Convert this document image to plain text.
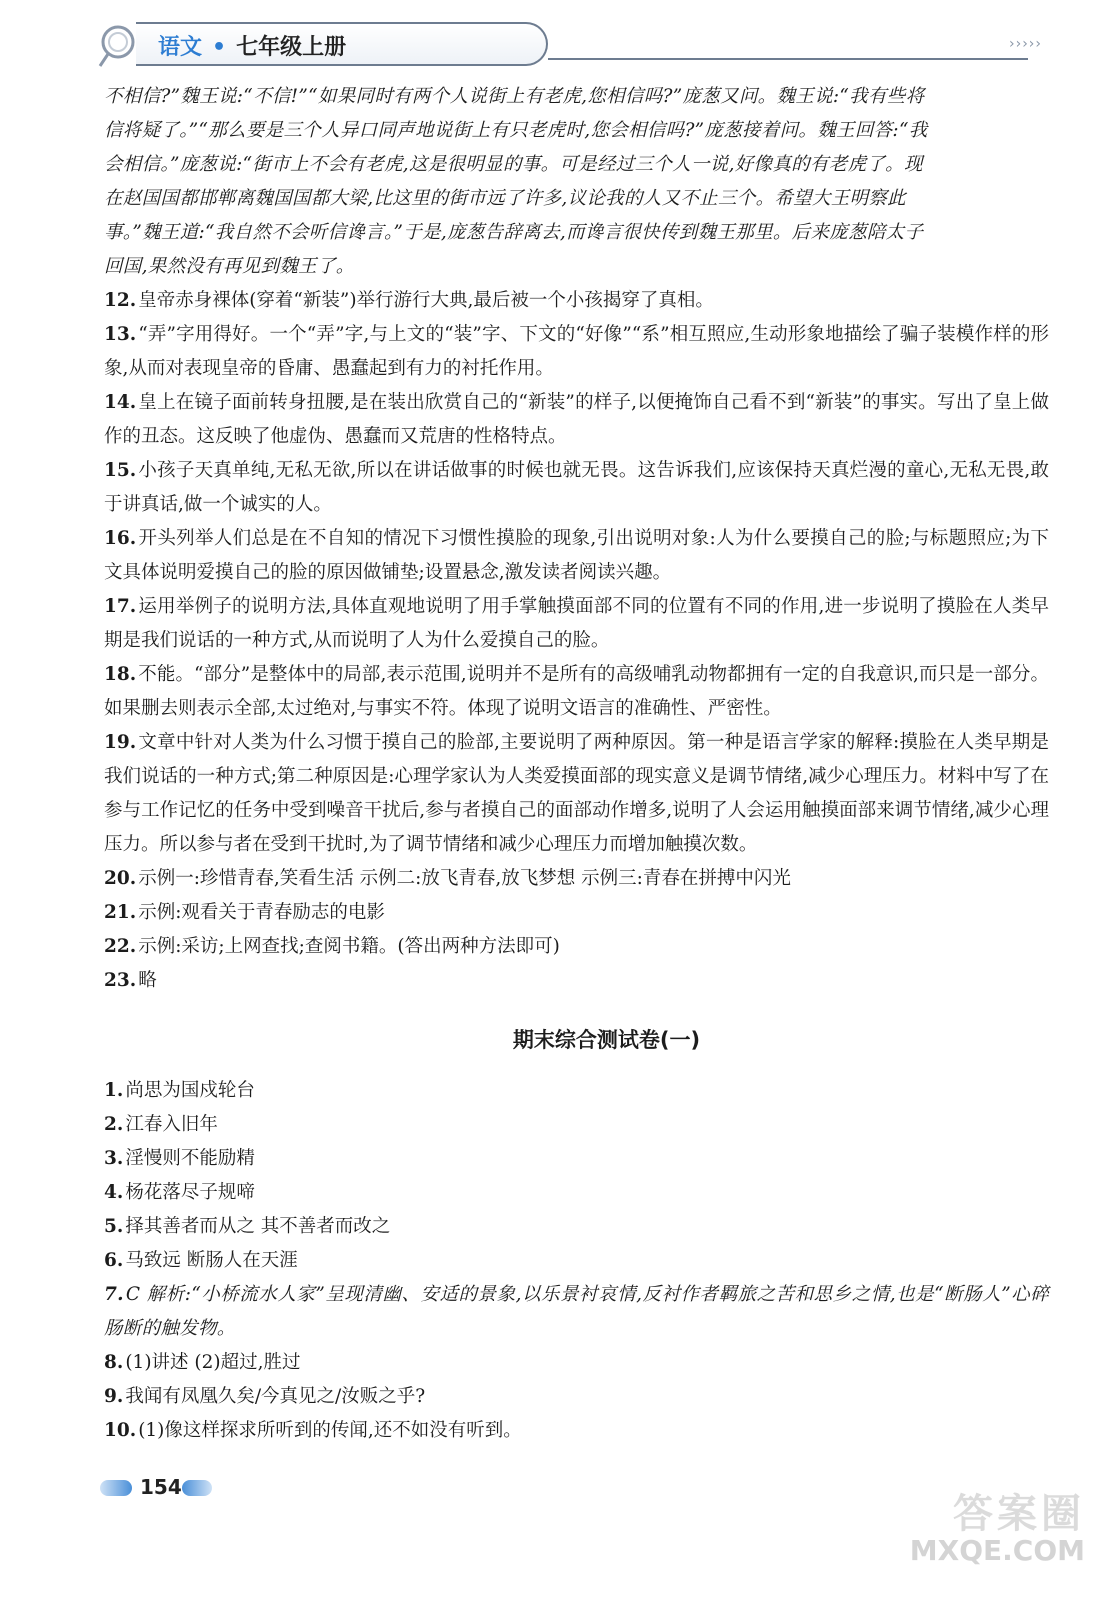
语文 • 七年级上册	›››››
不相信?”魏王说:“不信!”“如果同时有两个人说街上有老虎,您相信吗?”庞葱又问。魏王说:“我有些将
信将疑了。”“那么要是三个人异口同声地说街上有只老虎时,您会相信吗?”庞葱接着问。魏王回答:“我
会相信。”庞葱说:“街市上不会有老虎,这是很明显的事。可是经过三个人一说,好像真的有老虎了。现
在赵国国都邯郸离魏国国都大梁,比这里的街市远了许多,议论我的人又不止三个。希望大王明察此
事。”魏王道:“我自然不会听信谗言。”于是,庞葱告辞离去,而谗言很快传到魏王那里。后来庞葱陪太子
回国,果然没有再见到魏王了。
12. 皇帝赤身裸体(穿着“新装”)举行游行大典,最后被一个小孩揭穿了真相。
13. “弄”字用得好。一个“弄”字,与上文的“装”字、下文的“好像”“系”相互照应,生动形象地描绘了骗子装模作样的形象,从而对表现皇帝的昏庸、愚蠢起到有力的衬托作用。
14. 皇上在镜子面前转身扭腰,是在装出欣赏自己的“新装”的样子,以便掩饰自己看不到“新装”的事实。写出了皇上做作的丑态。这反映了他虚伪、愚蠢而又荒唐的性格特点。
15. 小孩子天真单纯,无私无欲,所以在讲话做事的时候也就无畏。这告诉我们,应该保持天真烂漫的童心,无私无畏,敢于讲真话,做一个诚实的人。
16. 开头列举人们总是在不自知的情况下习惯性摸脸的现象,引出说明对象:人为什么要摸自己的脸;与标题照应;为下文具体说明爱摸自己的脸的原因做铺垫;设置悬念,激发读者阅读兴趣。
17. 运用举例子的说明方法,具体直观地说明了用手掌触摸面部不同的位置有不同的作用,进一步说明了摸脸在人类早期是我们说话的一种方式,从而说明了人为什么爱摸自己的脸。
18. 不能。“部分”是整体中的局部,表示范围,说明并不是所有的高级哺乳动物都拥有一定的自我意识,而只是一部分。如果删去则表示全部,太过绝对,与事实不符。体现了说明文语言的准确性、严密性。
19. 文章中针对人类为什么习惯于摸自己的脸部,主要说明了两种原因。第一种是语言学家的解释:摸脸在人类早期是我们说话的一种方式;第二种原因是:心理学家认为人类爱摸面部的现实意义是调节情绪,减少心理压力。材料中写了在参与工作记忆的任务中受到噪音干扰后,参与者摸自己的面部动作增多,说明了人会运用触摸面部来调节情绪,减少心理压力。所以参与者在受到干扰时,为了调节情绪和减少心理压力而增加触摸次数。
20. 示例一:珍惜青春,笑看生活 示例二:放飞青春,放飞梦想 示例三:青春在拼搏中闪光
21. 示例:观看关于青春励志的电影
22. 示例:采访;上网查找;查阅书籍。(答出两种方法即可)
23. 略
期末综合测试卷(一)
1. 尚思为国戍轮台
2. 江春入旧年
3. 淫慢则不能励精
4. 杨花落尽子规啼
5. 择其善者而从之 其不善者而改之
6. 马致远 断肠人在天涯
7. C 解析:“小桥流水人家”呈现清幽、安适的景象,以乐景衬哀情,反衬作者羁旅之苦和思乡之情,也是“断肠人”心碎肠断的触发物。
8. (1)讲述 (2)超过,胜过
9. 我闻有凤凰久矣/今真见之/汝贩之乎?
10. (1)像这样探求所听到的传闻,还不如没有听到。
154
答案圈
MXQE.COM
